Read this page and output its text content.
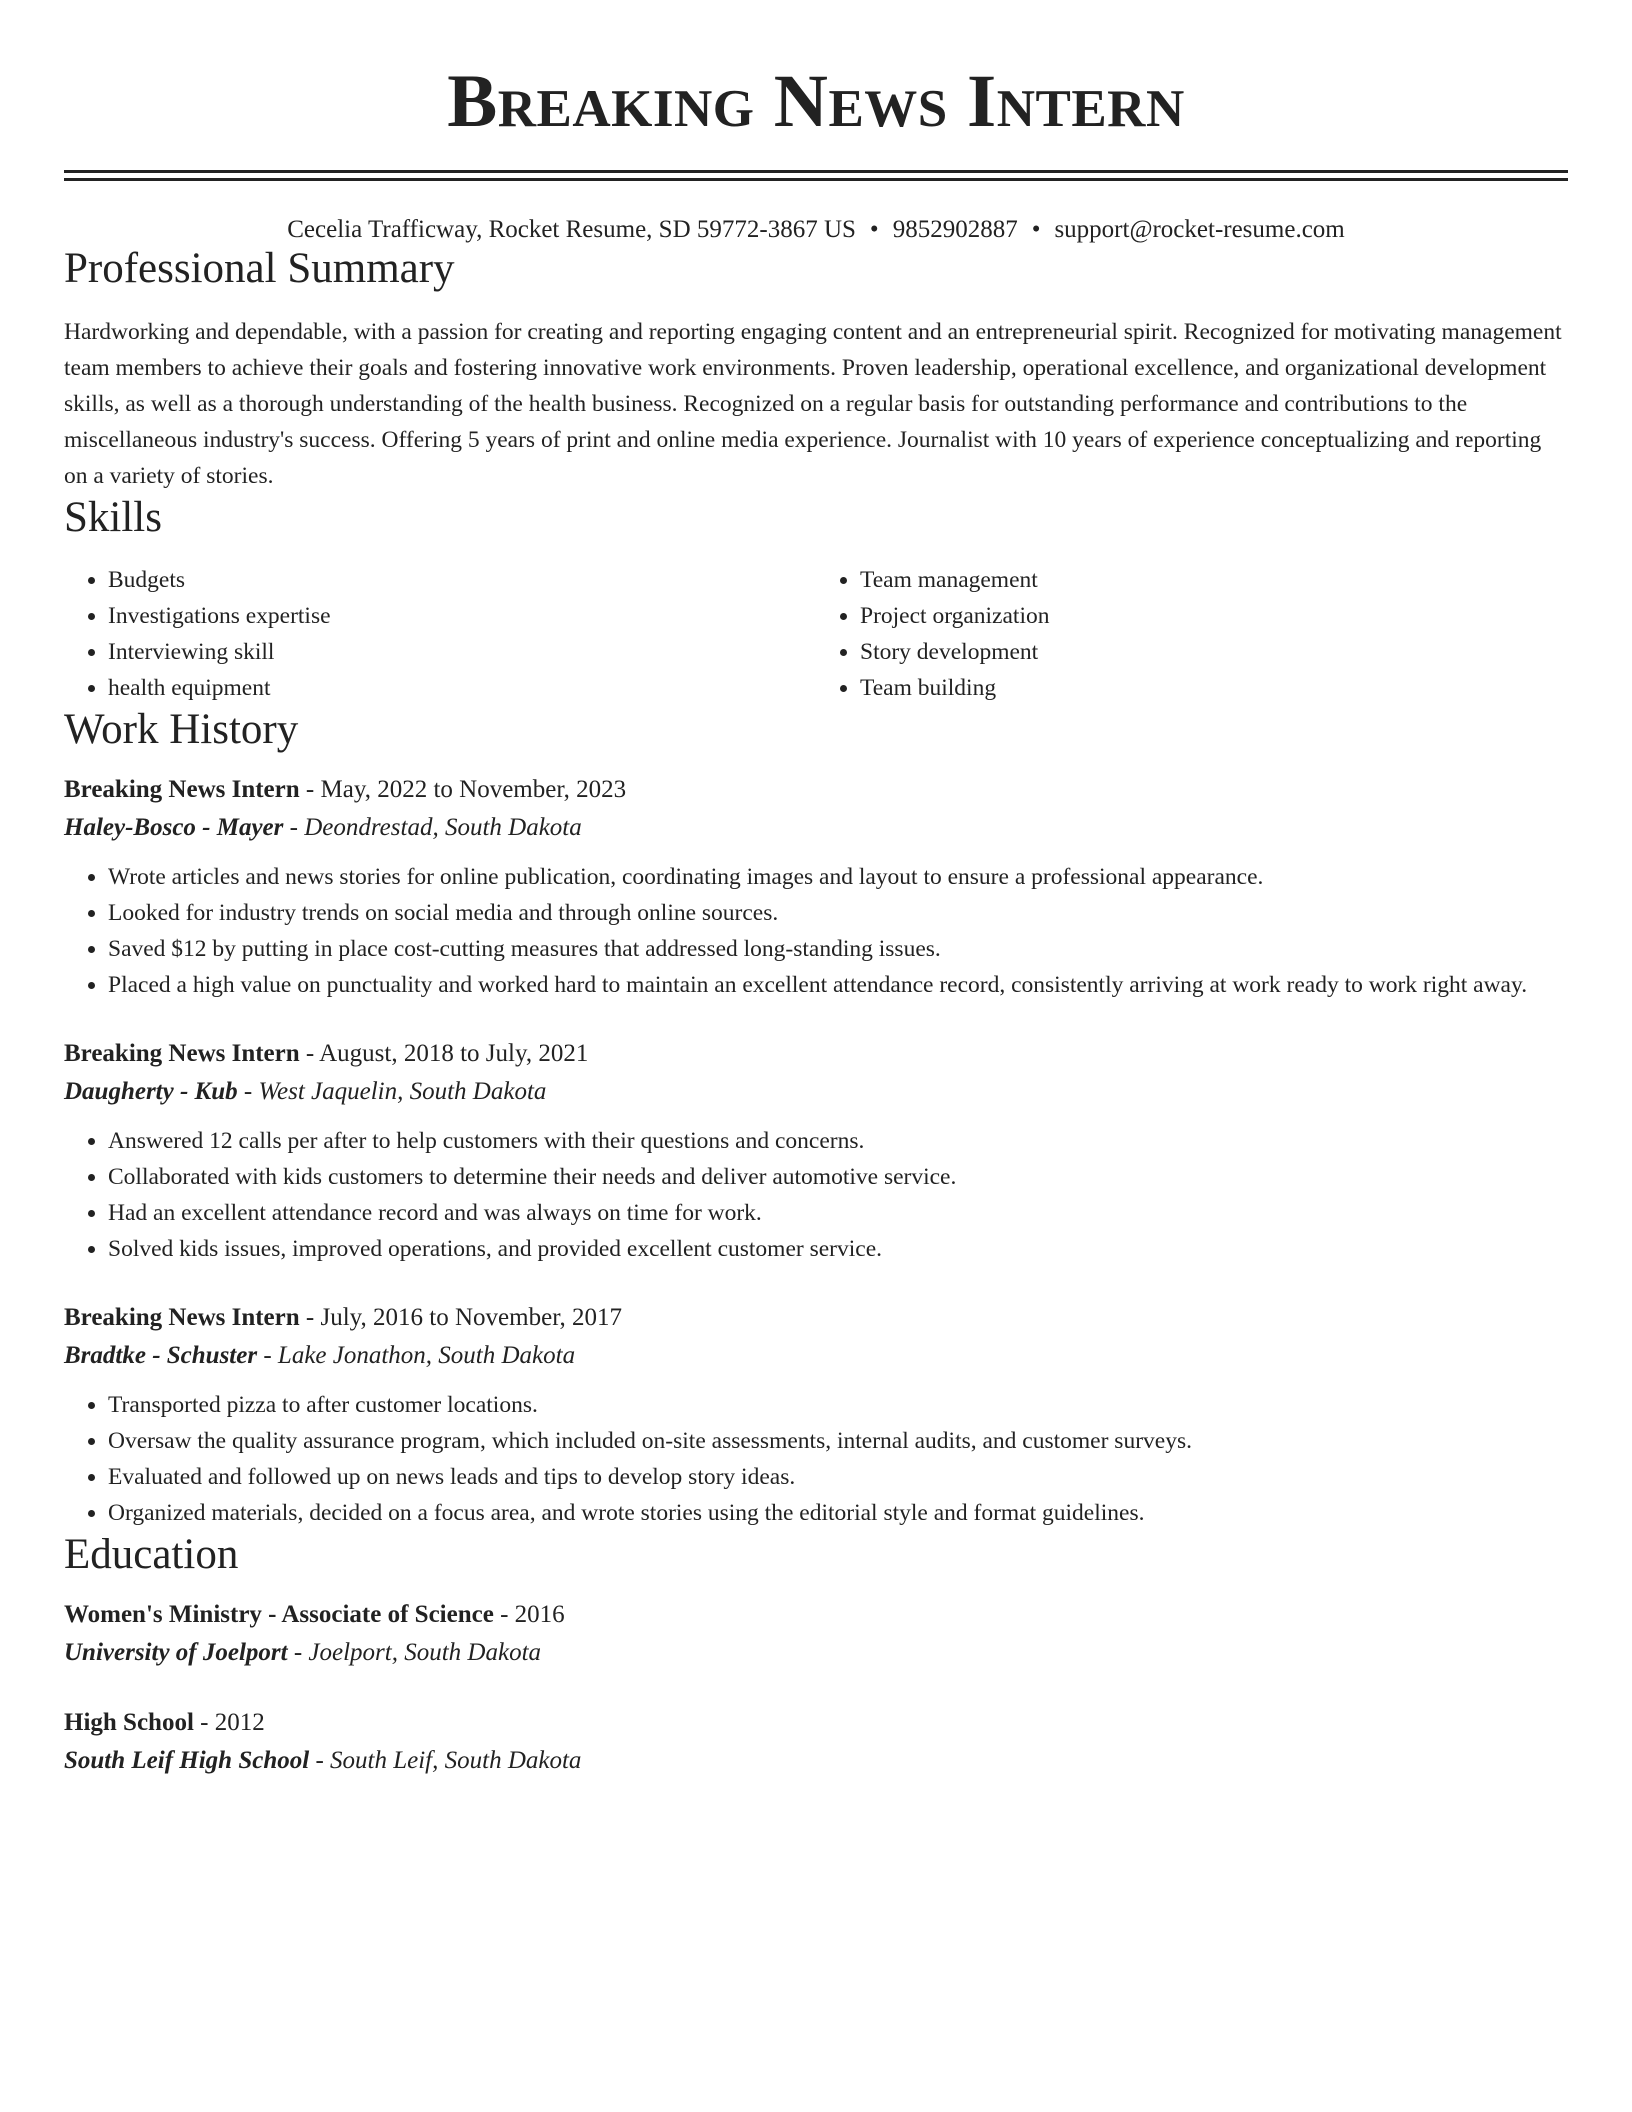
Breaking News Intern
Cecelia Trafficway, Rocket Resume, SD 59772-3867 US • 9852902887 • support@rocket-resume.com
Professional Summary

Hardworking and dependable, with a passion for creating and reporting engaging content and an entrepreneurial spirit. Recognized for motivating management team members to achieve their goals and fostering innovative work environments. Proven leadership, operational excellence, and organizational development skills, as well as a thorough understanding of the health business. Recognized on a regular basis for outstanding performance and contributions to the miscellaneous industry's success. Offering 5 years of print and online media experience. Journalist with 10 years of experience conceptualizing and reporting on a variety of stories.

Skills
• Budgets
• Investigations expertise
• Interviewing skill
• health equipment
• Team management
• Project organization
• Story development
• Team building
Work History
Breaking News Intern - May, 2022 to November, 2023
Haley-Bosco - Mayer - Deondrestad, South Dakota
• Wrote articles and news stories for online publication, coordinating images and layout to ensure a professional appearance.
• Looked for industry trends on social media and through online sources.
• Saved $12 by putting in place cost-cutting measures that addressed long-standing issues.
• Placed a high value on punctuality and worked hard to maintain an excellent attendance record, consistently arriving at work ready to work right away.
Breaking News Intern - August, 2018 to July, 2021
Daugherty - Kub - West Jaquelin, South Dakota
• Answered 12 calls per after to help customers with their questions and concerns.
• Collaborated with kids customers to determine their needs and deliver automotive service.
• Had an excellent attendance record and was always on time for work.
• Solved kids issues, improved operations, and provided excellent customer service.
Breaking News Intern - July, 2016 to November, 2017
Bradtke - Schuster - Lake Jonathon, South Dakota
• Transported pizza to after customer locations.
• Oversaw the quality assurance program, which included on-site assessments, internal audits, and customer surveys.
• Evaluated and followed up on news leads and tips to develop story ideas.
• Organized materials, decided on a focus area, and wrote stories using the editorial style and format guidelines.
Education
Women's Ministry - Associate of Science - 2016
University of Joelport - Joelport, South Dakota
High School - 2012
South Leif High School - South Leif, South Dakota
